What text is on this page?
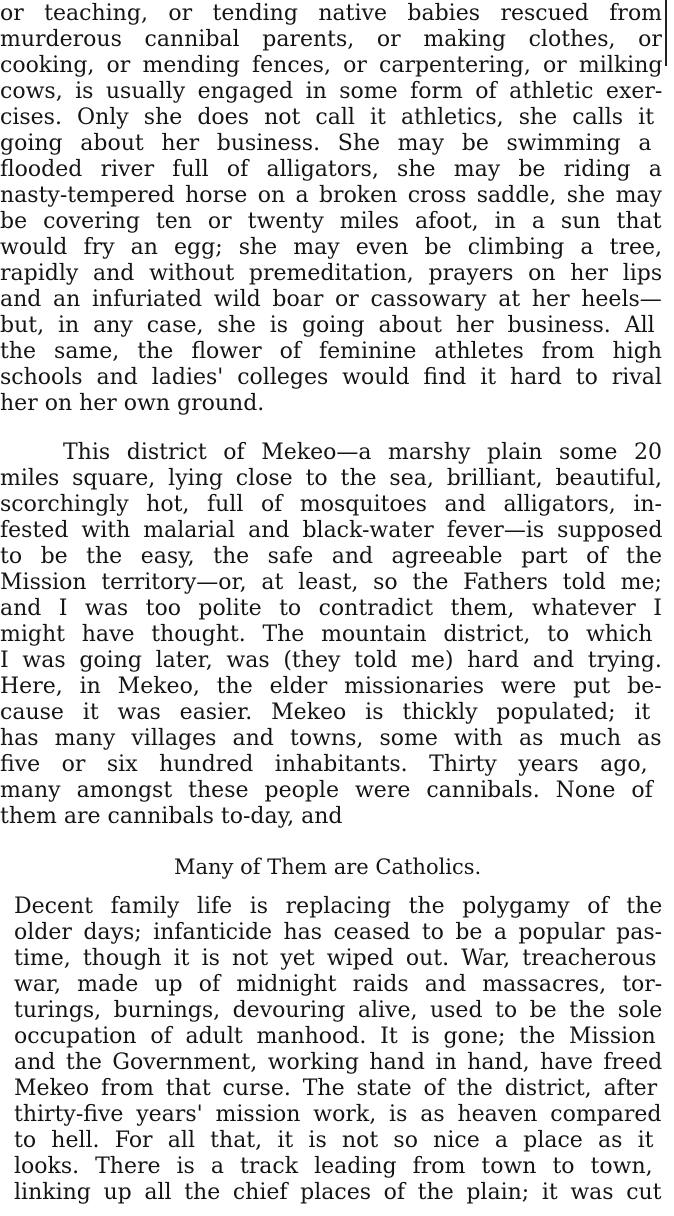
or teaching, or tending native babies rescued from
murderous cannibal parents, or making clothes, or
cooking, or mending fences, or carpentering, or milking
cows, is usually engaged in some form of athletic exer-
cises. Only she does not call it athletics, she calls it
going about her business. She may be swimming a
flooded river full of alligators, she may be riding a
nasty-tempered horse on a broken cross saddle, she may
be covering ten or twenty miles afoot, in a sun that
would fry an egg; she may even be climbing a tree,
rapidly and without premeditation, prayers on her lips
and an infuriated wild boar or cassowary at her heels—
but, in any case, she is going about her business. All
the same, the flower of feminine athletes from high
schools and ladies' colleges would find it hard to rival
her on her own ground.
This district of Mekeo—a marshy plain some 20
miles square, lying close to the sea, brilliant, beautiful,
scorchingly hot, full of mosquitoes and alligators, in-
fested with malarial and black-water fever—is supposed
to be the easy, the safe and agreeable part of the
Mission territory—or, at least, so the Fathers told me;
and I was too polite to contradict them, whatever I
might have thought. The mountain district, to which
I was going later, was (they told me) hard and trying.
Here, in Mekeo, the elder missionaries were put be-
cause it was easier. Mekeo is thickly populated; it
has many villages and towns, some with as much as
five or six hundred inhabitants. Thirty years ago,
many amongst these people were cannibals. None of
them are cannibals to-day, and
Many of Them are Catholics.
Decent family life is replacing the polygamy of the
older days; infanticide has ceased to be a popular pas-
time, though it is not yet wiped out. War, treacherous
war, made up of midnight raids and massacres, tor-
turings, burnings, devouring alive, used to be the sole
occupation of adult manhood. It is gone; the Mission
and the Government, working hand in hand, have freed
Mekeo from that curse. The state of the district, after
thirty-five years' mission work, is as heaven compared
to hell. For all that, it is not so nice a place as it
looks. There is a track leading from town to town,
linking up all the chief places of the plain; it was cut
